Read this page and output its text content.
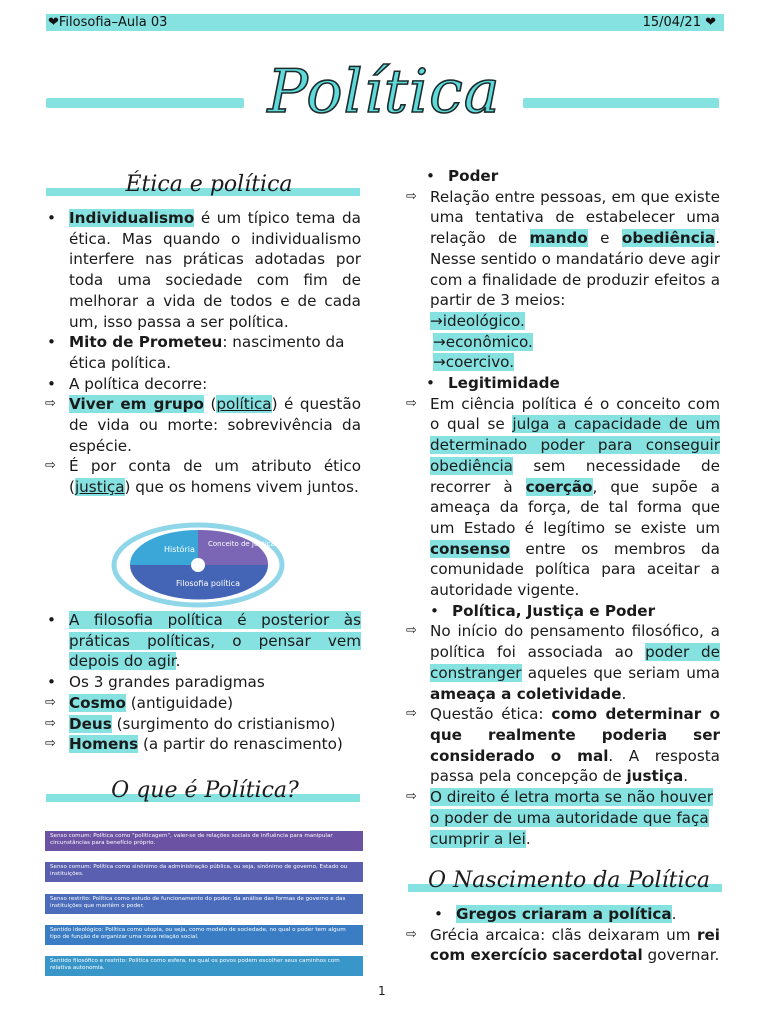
❤Filosofia–Aula 03	15/04/21 ❤
Política
Ética e política

• Individualismo é um típico tema da ética. Mas quando o individualismo interfere nas práticas adotadas por toda uma sociedade com fim de melhorar a vida de todos e de cada um, isso passa a ser política.

• Mito de Prometeu: nascimento da ética política.

• A política decorre:

⇨ Viver em grupo (política) é questão de vida ou morte: sobrevivência da espécie.

⇨ É por conta de um atributo ético (justiça) que os homens vivem juntos.

História
Conceito de Justiça
Filosofia política

• A filosofia política é posterior às práticas políticas, o pensar vem depois do agir.

• Os 3 grandes paradigmas

⇨ Cosmo (antiguidade)

⇨ Deus (surgimento do cristianismo)

⇨ Homens (a partir do renascimento)

O que é Política?
Senso comum: Política como "politicagem", valer-se de relações sociais de influência para manipular circunstâncias para benefício próprio.
Senso comum: Política como sinônimo da administração pública, ou seja, sinônimo de governo, Estado ou instituições.
Senso restrito: Política como estudo de funcionamento do poder; da análise das formas de governo e das instituições que mantêm o poder.
Sentido ideológico: Política como utopia, ou seja, como modelo de sociedade, no qual o poder tem algum tipo de função de organizar uma nova relação social.
Sentido filosófico e restrito: Política como esfera, na qual os povos podem escolher seus caminhos com relativa autonomia.

• Poder

⇨ Relação entre pessoas, em que existe uma tentativa de estabelecer uma relação de mando e obediência. Nesse sentido o mandatário deve agir com a finalidade de produzir efeitos a partir de 3 meios:

→ideológico.

→econômico.

→coercivo.

• Legitimidade

⇨ Em ciência política é o conceito com o qual se julga a capacidade de um determinado poder para conseguir obediência sem necessidade de recorrer à coerção, que supõe a ameaça da força, de tal forma que um Estado é legítimo se existe um consenso entre os membros da comunidade política para aceitar a autoridade vigente.

• Política, Justiça e Poder

⇨ No início do pensamento filosófico, a política foi associada ao poder de constranger aqueles que seriam uma ameaça a coletividade.

⇨ Questão ética: como determinar o que realmente poderia ser considerado o mal. A resposta passa pela concepção de justiça.

⇨ O direito é letra morta se não houver o poder de uma autoridade que faça cumprir a lei.

O Nascimento da Política

• Gregos criaram a política.

⇨ Grécia arcaica: clãs deixaram um rei com exercício sacerdotal governar.

1
